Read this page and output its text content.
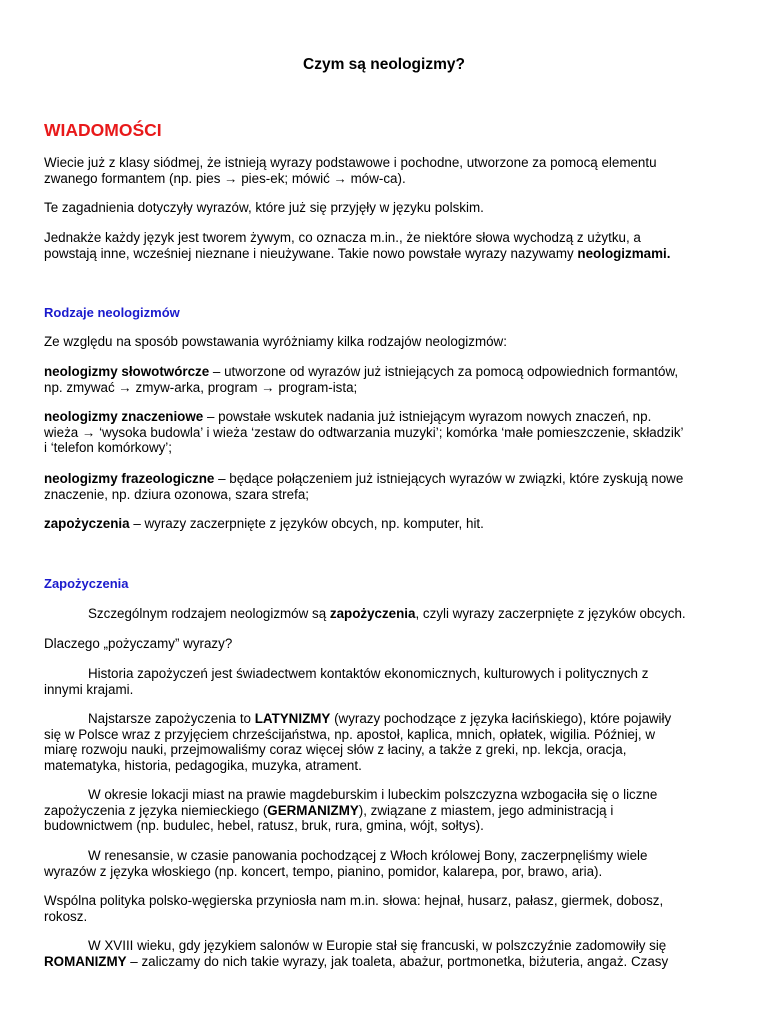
Czym są neologizmy?
WIADOMOŚCI
Wiecie już z klasy siódmej, że istnieją wyrazy podstawowe i pochodne, utworzone za pomocą elementu
zwanego formantem (np. pies → pies-ek; mówić → mów-ca).
Te zagadnienia dotyczyły wyrazów, które już się przyjęły w języku polskim.
Jednakże każdy język jest tworem żywym, co oznacza m.in., że niektóre słowa wychodzą z użytku, a
powstają inne, wcześniej nieznane i nieużywane. Takie nowo powstałe wyrazy nazywamy neologizmami.
Rodzaje neologizmów
Ze względu na sposób powstawania wyróżniamy kilka rodzajów neologizmów:
neologizmy słowotwórcze – utworzone od wyrazów już istniejących za pomocą odpowiednich formantów,
np. zmywać → zmyw-arka, program → program-ista;
neologizmy znaczeniowe – powstałe wskutek nadania już istniejącym wyrazom nowych znaczeń, np.
wieża → ‘wysoka budowla’ i wieża ‘zestaw do odtwarzania muzyki’; komórka ‘małe pomieszczenie, składzik’
i ‘telefon komórkowy’;
neologizmy frazeologiczne – będące połączeniem już istniejących wyrazów w związki, które zyskują nowe
znaczenie, np. dziura ozonowa, szara strefa;
zapożyczenia – wyrazy zaczerpnięte z języków obcych, np. komputer, hit.
Zapożyczenia
Szczególnym rodzajem neologizmów są zapożyczenia, czyli wyrazy zaczerpnięte z języków obcych.
Dlaczego „pożyczamy” wyrazy?
Historia zapożyczeń jest świadectwem kontaktów ekonomicznych, kulturowych i politycznych z
innymi krajami.
Najstarsze zapożyczenia to LATYNIZMY (wyrazy pochodzące z języka łacińskiego), które pojawiły
się w Polsce wraz z przyjęciem chrześcijaństwa, np. apostoł, kaplica, mnich, opłatek, wigilia. Później, w
miarę rozwoju nauki, przejmowaliśmy coraz więcej słów z łaciny, a także z greki, np. lekcja, oracja,
matematyka, historia, pedagogika, muzyka, atrament.
W okresie lokacji miast na prawie magdeburskim i lubeckim polszczyzna wzbogaciła się o liczne
zapożyczenia z języka niemieckiego (GERMANIZMY), związane z miastem, jego administracją i
budownictwem (np. budulec, hebel, ratusz, bruk, rura, gmina, wójt, sołtys).
W renesansie, w czasie panowania pochodzącej z Włoch królowej Bony, zaczerpnęliśmy wiele
wyrazów z języka włoskiego (np. koncert, tempo, pianino, pomidor, kalarepa, por, brawo, aria).
Wspólna polityka polsko-węgierska przyniosła nam m.in. słowa: hejnał, husarz, pałasz, giermek, dobosz,
rokosz.
W XVIII wieku, gdy językiem salonów w Europie stał się francuski, w polszczyźnie zadomowiły się
ROMANIZMY – zaliczamy do nich takie wyrazy, jak toaleta, abażur, portmonetka, biżuteria, angaż. Czasy
